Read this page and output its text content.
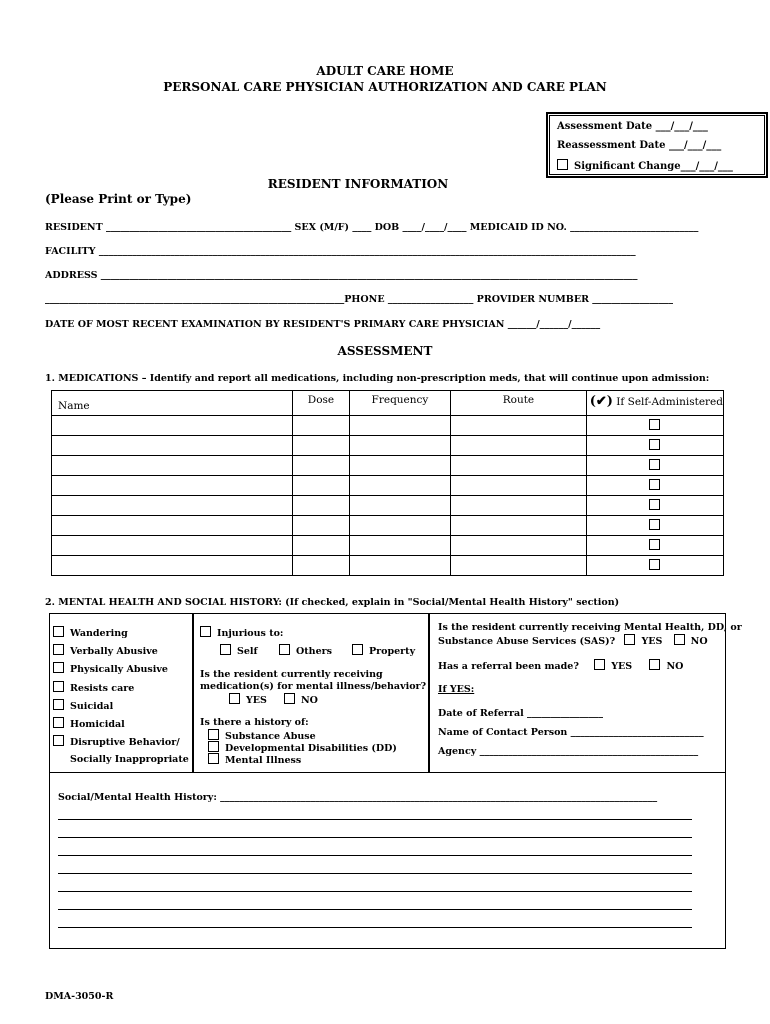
ADULT CARE HOME
PERSONAL CARE PHYSICIAN AUTHORIZATION AND CARE PLAN
Assessment Date ___/___/___
Reassessment Date ___/___/___
Significant Change___/___/___
RESIDENT INFORMATION
(Please Print or Type)
RESIDENT _______________________________________ SEX (M/F) ____ DOB ____/____/____ MEDICAID ID NO. ___________________________
FACILITY _________________________________________________________________________________________________________________
ADDRESS _________________________________________________________________________________________________________________
_______________________________________________________________PHONE __________________ PROVIDER NUMBER _________________
DATE OF MOST RECENT EXAMINATION BY RESIDENT'S PRIMARY CARE PHYSICIAN ______/______/______
ASSESSMENT
1. MEDICATIONS – Identify and report all medications, including non-prescription meds, that will continue upon admission:
Name	Dose	Frequency	Route	(✔) If Self-Administered

2. MENTAL HEALTH AND SOCIAL HISTORY: (If checked, explain in "Social/Mental Health History" section)
Wandering
Verbally Abusive
Physically Abusive
Resists care
Suicidal
Homicidal
Disruptive Behavior/
Socially Inappropriate
Injurious to:
Self	Others	Property
Is the resident currently receiving
medication(s) for mental illness/behavior?
YES	NO
Is there a history of:
Substance Abuse
Developmental Disabilities (DD)
Mental Illness
Is the resident currently receiving Mental Health, DD, or
Substance Abuse Services (SAS)?	YES	NO
Has a referral been made?	YES	NO
If YES:
Date of Referral ________________
Name of Contact Person ____________________________
Agency ______________________________________________
Social/Mental Health History: ____________________________________________________________________________________________
DMA-3050-R
